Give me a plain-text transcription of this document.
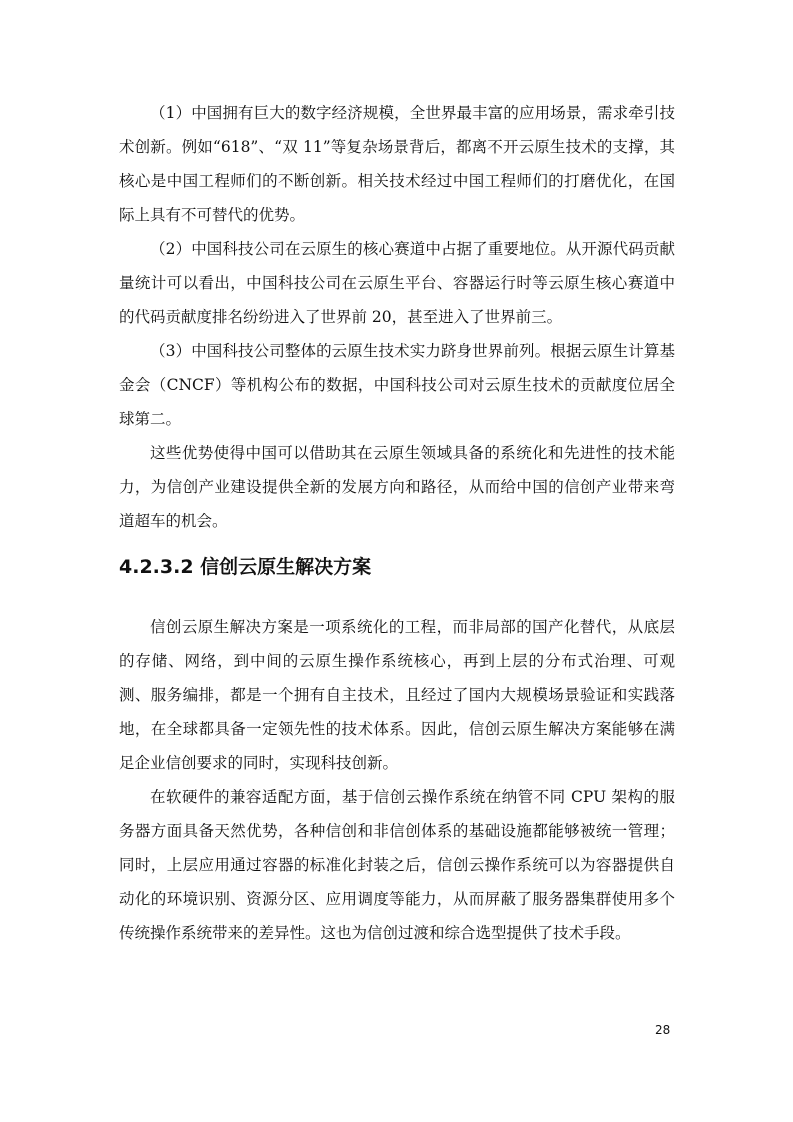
（1）中国拥有巨大的数字经济规模，全世界最丰富的应用场景，需求牵引技术创新。例如“618”、“双 11”等复杂场景背后，都离不开云原生技术的支撑，其核心是中国工程师们的不断创新。相关技术经过中国工程师们的打磨优化，在国际上具有不可替代的优势。

（2）中国科技公司在云原生的核心赛道中占据了重要地位。从开源代码贡献量统计可以看出，中国科技公司在云原生平台、容器运行时等云原生核心赛道中的代码贡献度排名纷纷进入了世界前 20，甚至进入了世界前三。

（3）中国科技公司整体的云原生技术实力跻身世界前列。根据云原生计算基金会（CNCF）等机构公布的数据，中国科技公司对云原生技术的贡献度位居全球第二。

这些优势使得中国可以借助其在云原生领域具备的系统化和先进性的技术能力，为信创产业建设提供全新的发展方向和路径，从而给中国的信创产业带来弯道超车的机会。

4.2.3.2 信创云原生解决方案

信创云原生解决方案是一项系统化的工程，而非局部的国产化替代，从底层的存储、网络，到中间的云原生操作系统核心，再到上层的分布式治理、可观测、服务编排，都是一个拥有自主技术，且经过了国内大规模场景验证和实践落地，在全球都具备一定领先性的技术体系。因此，信创云原生解决方案能够在满足企业信创要求的同时，实现科技创新。

在软硬件的兼容适配方面，基于信创云操作系统在纳管不同 CPU 架构的服务器方面具备天然优势，各种信创和非信创体系的基础设施都能够被统一管理；同时，上层应用通过容器的标准化封装之后，信创云操作系统可以为容器提供自动化的环境识别、资源分区、应用调度等能力，从而屏蔽了服务器集群使用多个传统操作系统带来的差异性。这也为信创过渡和综合选型提供了技术手段。

28
